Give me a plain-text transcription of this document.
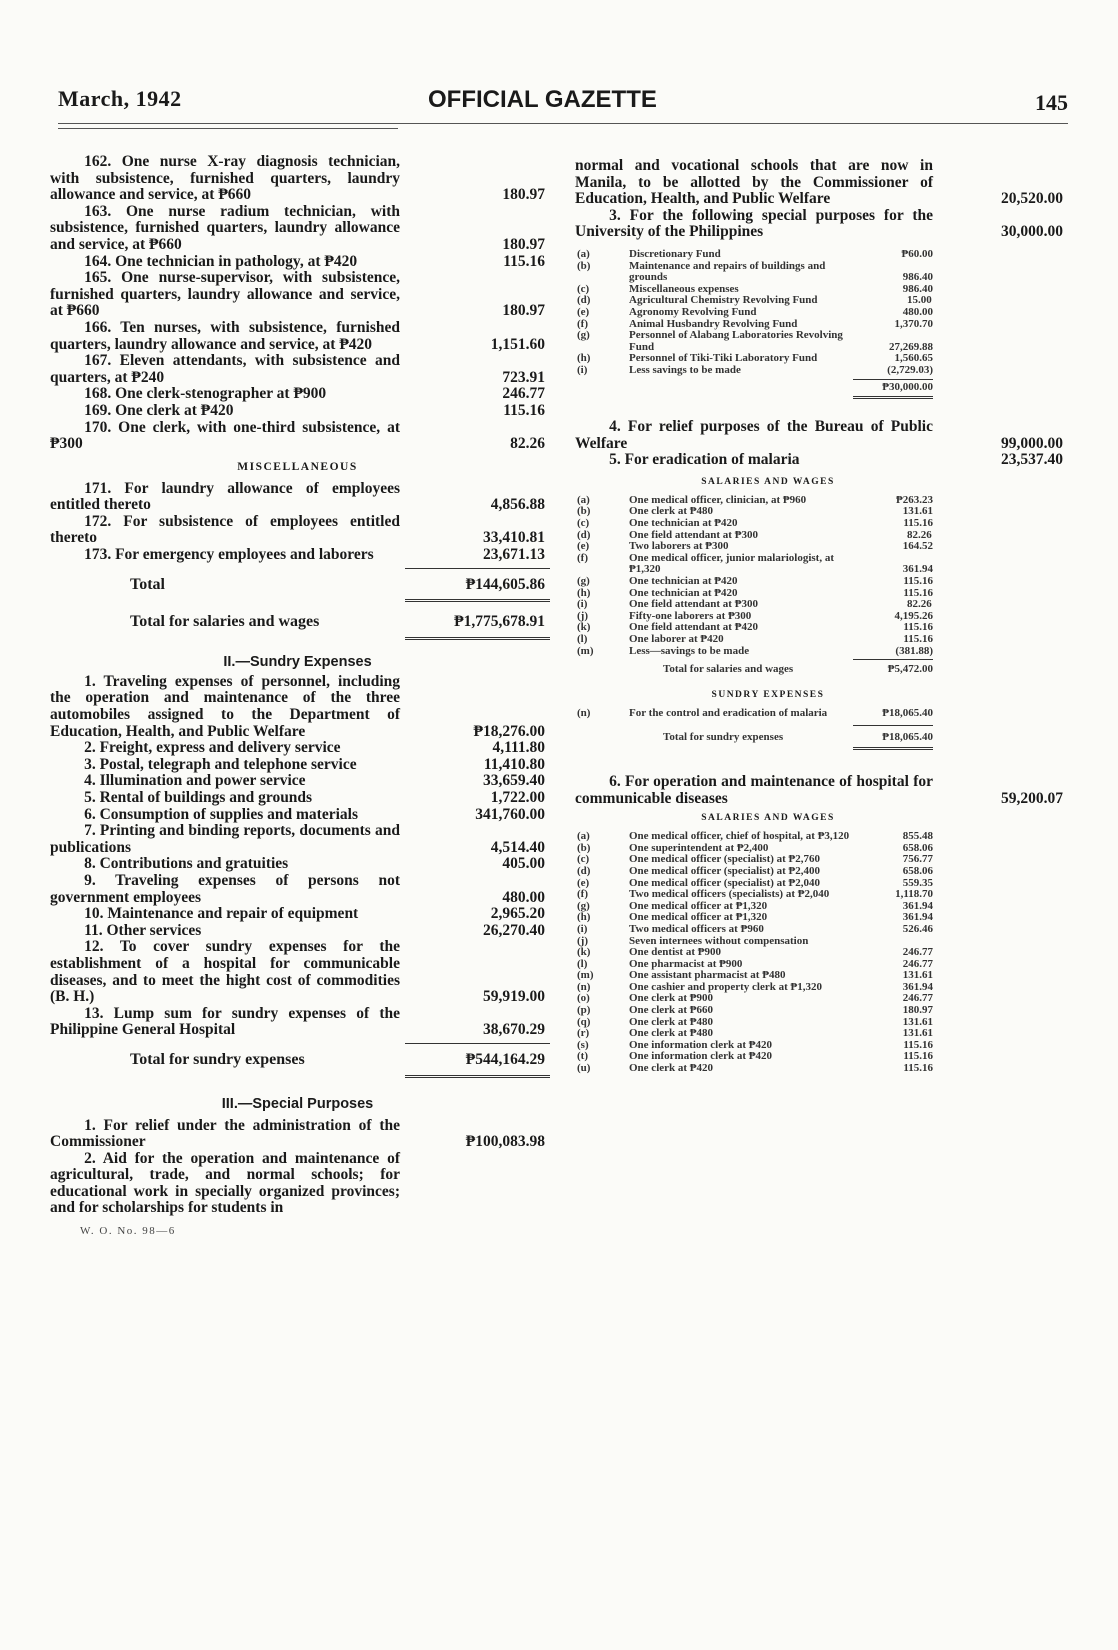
March, 1942	OFFICIAL GAZETTE	145
162. One nurse X-ray diagnosis technician, with subsistence, furnished quarters, laundry allowance and service, at ₱660	180.97
163. One nurse radium technician, with subsistence, furnished quarters, laundry allowance and service, at ₱660	180.97
164. One technician in pathology, at ₱420	115.16
165. One nurse-supervisor, with subsistence, furnished quarters, laundry allowance and service, at ₱660	180.97
166. Ten nurses, with subsistence, furnished quarters, laundry allowance and service, at ₱420	1,151.60
167. Eleven attendants, with subsistence and quarters, at ₱240	723.91
168. One clerk-stenographer at ₱900	246.77
169. One clerk at ₱420	115.16
170. One clerk, with one-third subsistence, at ₱300	82.26
MISCELLANEOUS
171. For laundry allowance of employees entitled thereto	4,856.88
172. For subsistence of employees entitled thereto	33,410.81
173. For emergency employees and laborers	23,671.13
Total	₱144,605.86
Total for salaries and wages	₱1,775,678.91
II.—Sundry Expenses
1. Traveling expenses of personnel, including the operation and maintenance of the three automobiles assigned to the Department of Education, Health, and Public Welfare	₱18,276.00
2. Freight, express and delivery service	4,111.80
3. Postal, telegraph and telephone service	11,410.80
4. Illumination and power service	33,659.40
5. Rental of buildings and grounds	1,722.00
6. Consumption of supplies and materials	341,760.00
7. Printing and binding reports, documents and publications	4,514.40
8. Contributions and gratuities	405.00
9. Traveling expenses of persons not government employees	480.00
10. Maintenance and repair of equipment	2,965.20
11. Other services	26,270.40
12. To cover sundry expenses for the establishment of a hospital for communicable diseases, and to meet the hight cost of commodities (B. H.)	59,919.00
13. Lump sum for sundry expenses of the Philippine General Hospital	38,670.29
Total for sundry expenses	₱544,164.29
III.—Special Purposes
1. For relief under the administration of the Commissioner	₱100,083.98
2. Aid for the operation and maintenance of agricultural, trade, and normal schools; for educational work in specially organized provinces; and for scholarships for students in
W. O. No. 98—6
normal and vocational schools that are now in Manila, to be allotted by the Commissioner of Education, Health, and Public Welfare	20,520.00
3. For the following special purposes for the University of the Philippines	30,000.00
(a)	Discretionary Fund	₱60.00
(b)	Maintenance and repairs of buildings and grounds	986.40
(c)	Miscellaneous expenses	986.40
(d)	Agricultural Chemistry Revolving Fund	15.00
(e)	Agronomy Revolving Fund	480.00
(f)	Animal Husbandry Revolving Fund	1,370.70
(g)	Personnel of Alabang Laboratories Revolving Fund	27,269.88
(h)	Personnel of Tiki-Tiki Laboratory Fund	1,560.65
(i)	Less savings to be made	(2,729.03)
₱30,000.00
4. For relief purposes of the Bureau of Public Welfare	99,000.00
5. For eradication of malaria	23,537.40
SALARIES AND WAGES
(a)	One medical officer, clinician, at ₱960	₱263.23
(b)	One clerk at ₱480	131.61
(c)	One technician at ₱420	115.16
(d)	One field attendant at ₱300	82.26
(e)	Two laborers at ₱300	164.52
(f)	One medical officer, junior malariologist, at ₱1,320	361.94
(g)	One technician at ₱420	115.16
(h)	One technician at ₱420	115.16
(i)	One field attendant at ₱300	82.26
(j)	Fifty-one laborers at ₱300	4,195.26
(k)	One field attendant at ₱420	115.16
(l)	One laborer at ₱420	115.16
(m)	Less—savings to be made	(381.88)
Total for salaries and wages	₱5,472.00
SUNDRY EXPENSES
(n)	For the control and eradication of malaria	₱18,065.40
Total for sundry expenses	₱18,065.40
6. For operation and maintenance of hospital for communicable diseases	59,200.07
SALARIES AND WAGES
(a)	One medical officer, chief of hospital, at ₱3,120	855.48
(b)	One superintendent at ₱2,400	658.06
(c)	One medical officer (specialist) at ₱2,760	756.77
(d)	One medical officer (specialist) at ₱2,400	658.06
(e)	One medical officer (specialist) at ₱2,040	559.35
(f)	Two medical officers (specialists) at ₱2,040	1,118.70
(g)	One medical officer at ₱1,320	361.94
(h)	One medical officer at ₱1,320	361.94
(i)	Two medical officers at ₱960	526.46
(j)	Seven internees without compensation
(k)	One dentist at ₱900	246.77
(l)	One pharmacist at ₱900	246.77
(m)	One assistant pharmacist at ₱480	131.61
(n)	One cashier and property clerk at ₱1,320	361.94
(o)	One clerk at ₱900	246.77
(p)	One clerk at ₱660	180.97
(q)	One clerk at ₱480	131.61
(r)	One clerk at ₱480	131.61
(s)	One information clerk at ₱420	115.16
(t)	One information clerk at ₱420	115.16
(u)	One clerk at ₱420	115.16
